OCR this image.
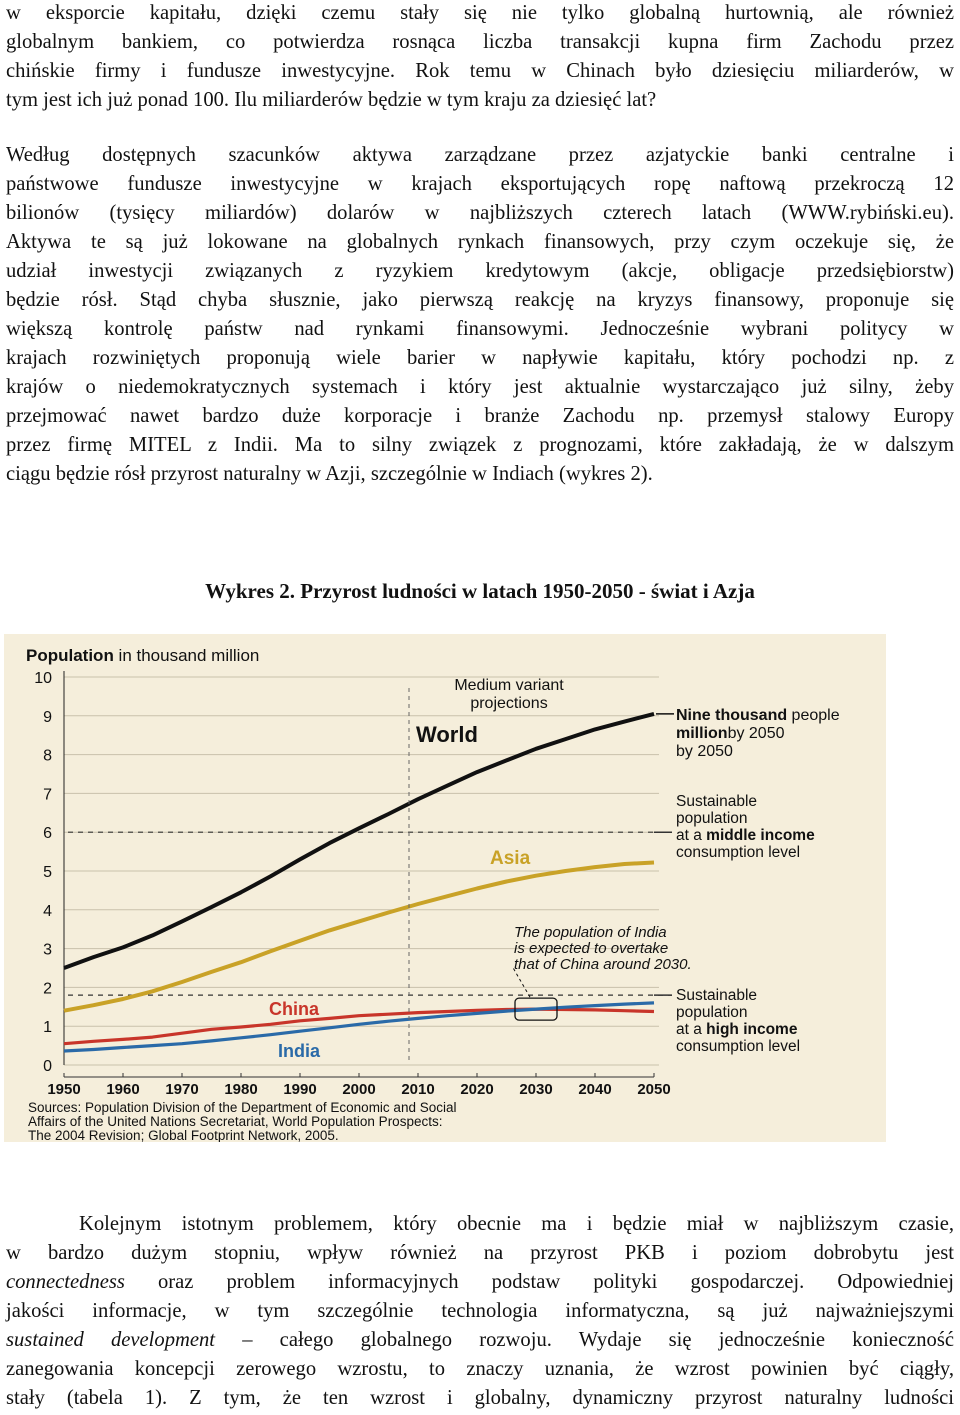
w eksporcie kapitału, dzięki czemu stały się nie tylko globalną hurtownią, ale również
globalnym bankiem, co potwierdza rosnąca liczba transakcji kupna firm Zachodu przez
chińskie firmy i fundusze inwestycyjne. Rok temu w Chinach było dziesięciu miliarderów, w
tym jest ich już ponad 100. Ilu miliarderów będzie w tym kraju za dziesięć lat?
Według dostępnych szacunków aktywa zarządzane przez azjatyckie banki centralne i
państwowe fundusze inwestycyjne w krajach eksportujących ropę naftową przekroczą 12
bilionów (tysięcy miliardów) dolarów w najbliższych czterech latach (WWW.rybiński.eu).
Aktywa te są już lokowane na globalnych rynkach finansowych, przy czym oczekuje się, że
udział inwestycji związanych z ryzykiem kredytowym (akcje, obligacje przedsiębiorstw)
będzie rósł. Stąd chyba słusznie, jako pierwszą reakcję na kryzys finansowy, proponuje się
większą kontrolę państw nad rynkami finansowymi. Jednocześnie wybrani politycy w
krajach rozwiniętych proponują wiele barier w napływie kapitału, który pochodzi np. z
krajów o niedemokratycznych systemach i który jest aktualnie wystarczająco już silny, żeby
przejmować nawet bardzo duże korporacje i branże Zachodu np. przemysł stalowy Europy
przez firmę MITEL z Indii. Ma to silny związek z prognozami, które zakładają, że w dalszym
ciągu będzie rósł przyrost naturalny w Azji, szczególnie w Indiach (wykres 2).
Wykres 2. Przyrost ludności w latach 1950-2050 - świat i Azja
Population in thousand million
0
1
2
3
4
5
6
7
8
9
10
1950 1960 1970 1980 1990 2000 2010 2020 2030 2040 2050
Sustainable
population
at a middle income
consumption level
Sustainable
population
at a high income
consumption level
Medium variant
projections
World
Asia
China
India
Nine thousand people
millionby 2050
by 2050
The population of India
is expected to overtake
that of China around 2030.
Sources: Population Division of the Department of Economic and Social
Affairs of the United Nations Secretariat, World Population Prospects:
The 2004 Revision; Global Footprint Network, 2005.
Kolejnym istotnym problemem, który obecnie ma i będzie miał w najbliższym czasie,
w bardzo dużym stopniu, wpływ również na przyrost PKB i poziom dobrobytu jest
connectedness oraz problem informacyjnych podstaw polityki gospodarczej. Odpowiedniej
jakości informacje, w tym szczególnie technologia informatyczna, są już najważniejszymi
sustained development – całego globalnego rozwoju. Wydaje się jednocześnie konieczność
zanegowania koncepcji zerowego wzrostu, to znaczy uznania, że wzrost powinien być ciągły,
stały (tabela 1). Z tym, że ten wzrost i globalny, dynamiczny przyrost naturalny ludności
